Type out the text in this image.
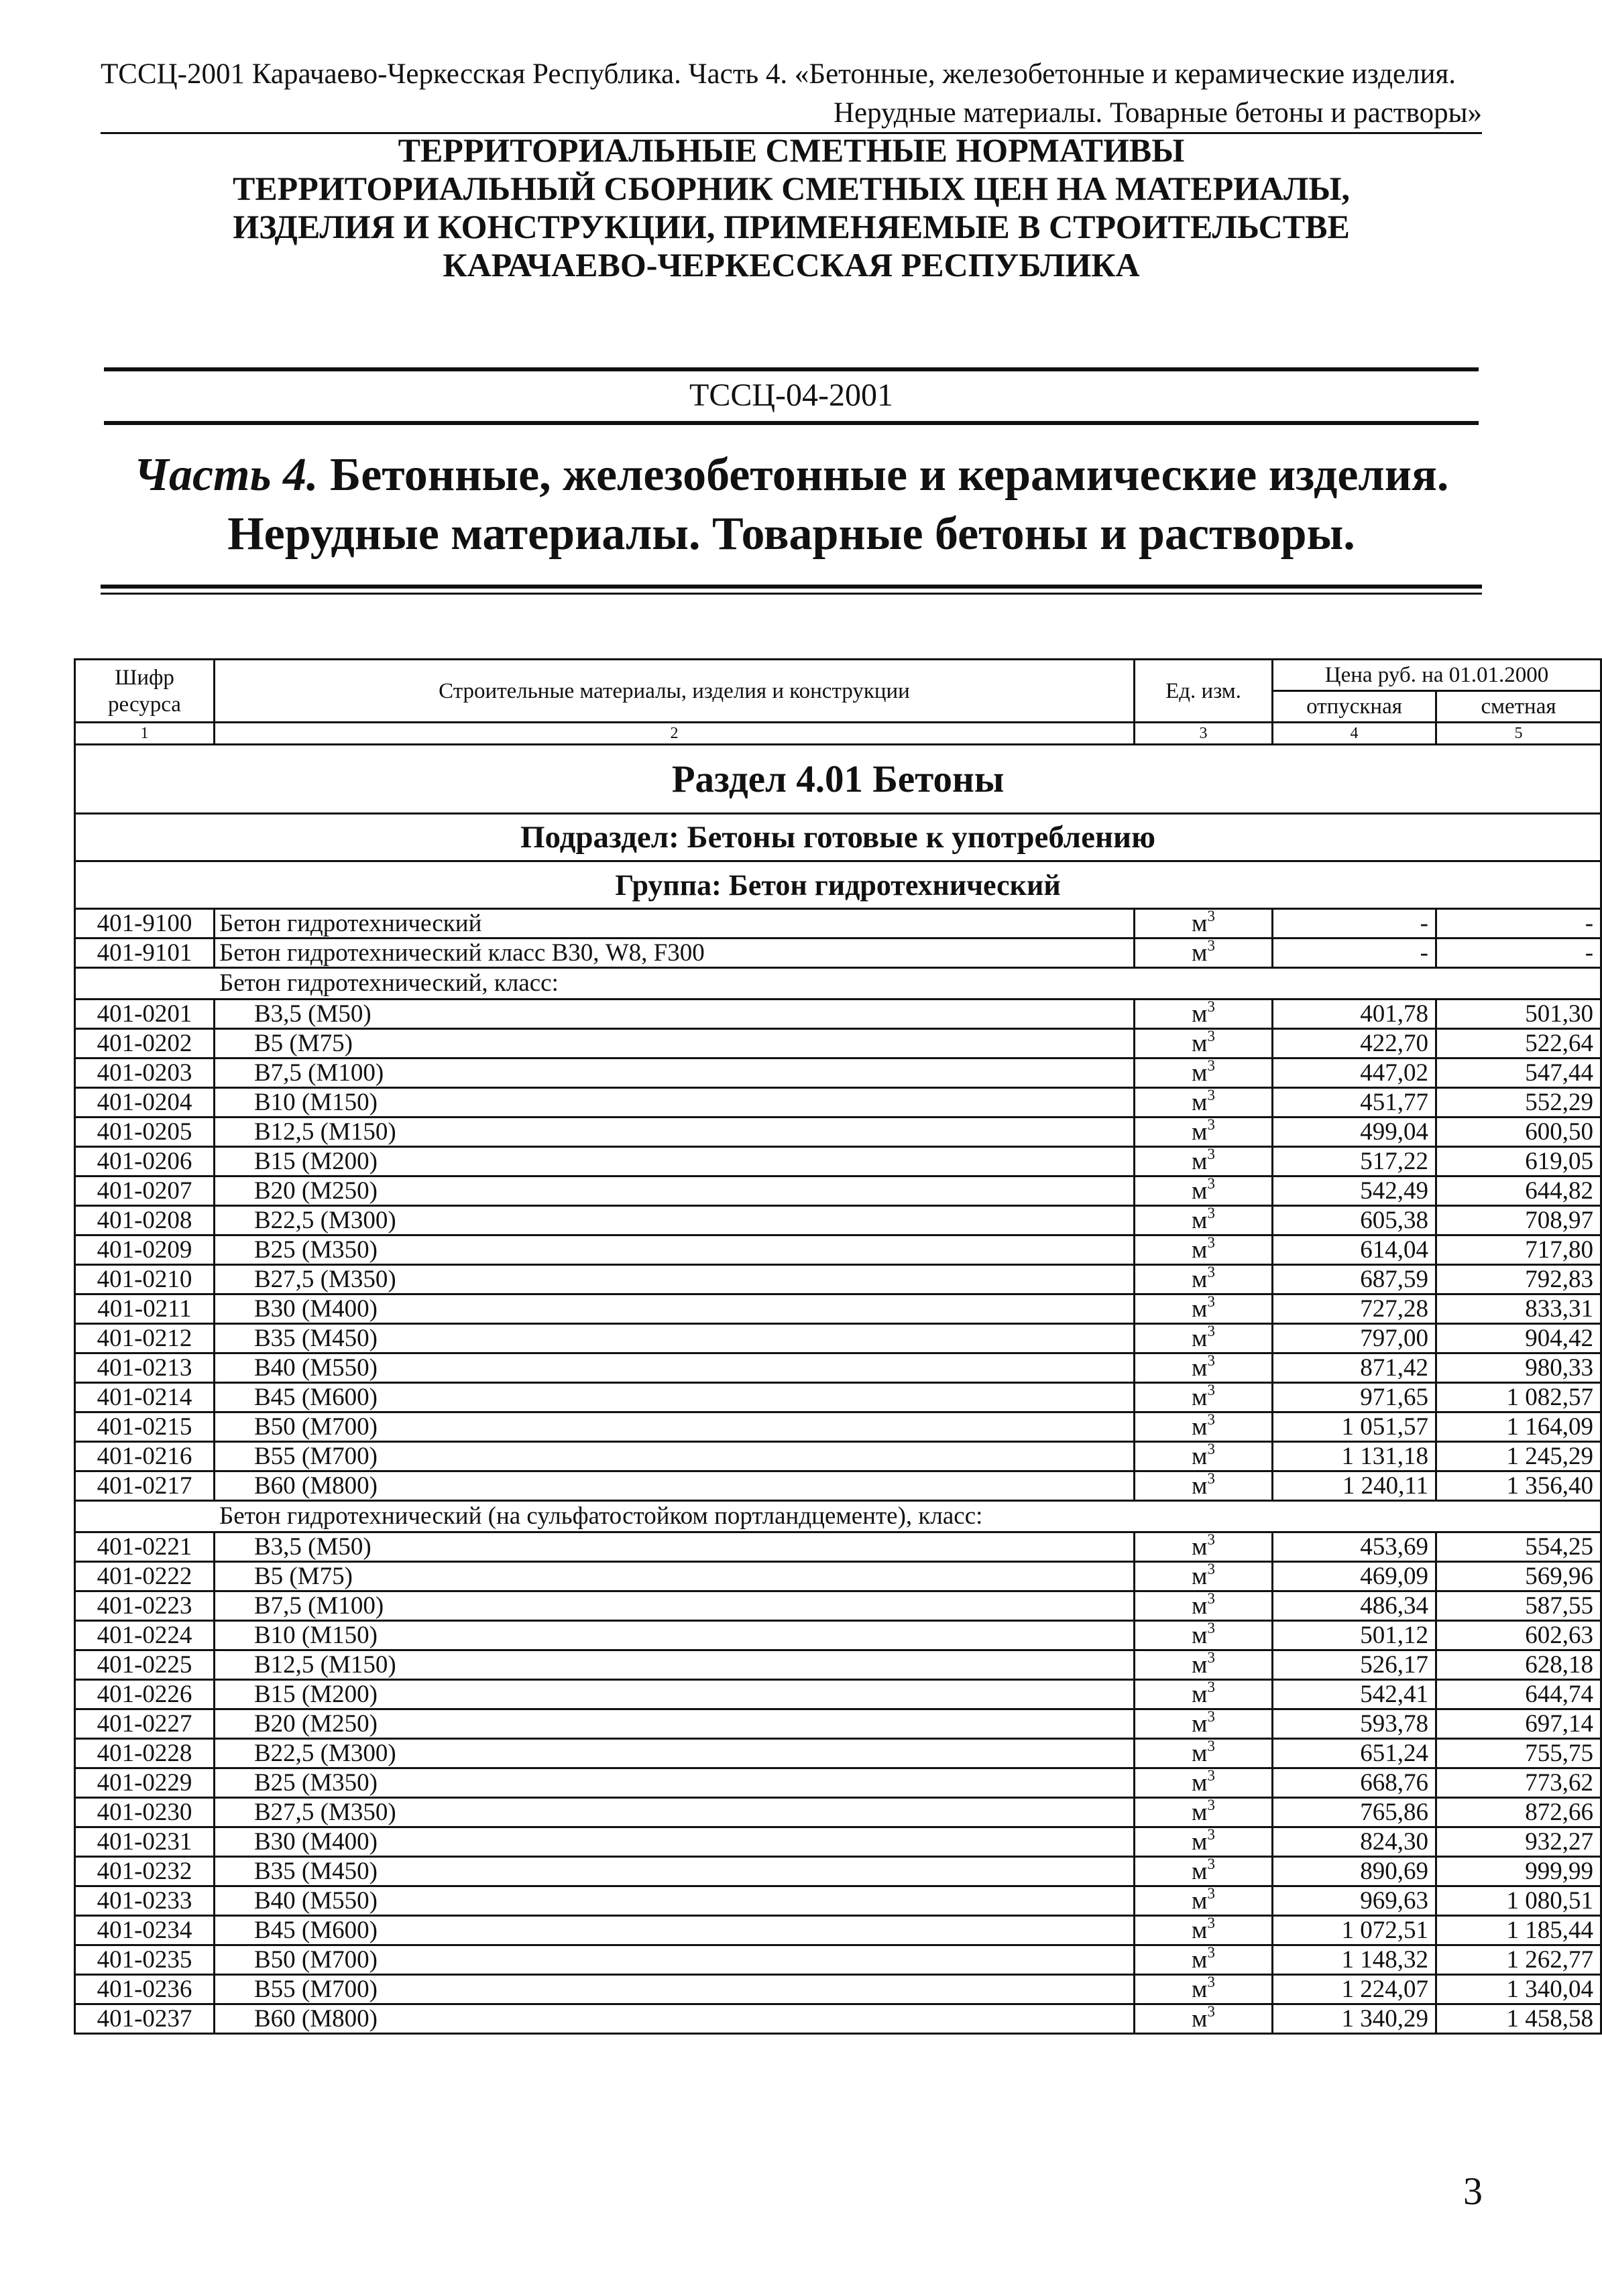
ТССЦ-2001 Карачаево-Черкесская Республика. Часть 4. «Бетонные, железобетонные и керамические изделия.
Нерудные материалы. Товарные бетоны и растворы»
ТЕРРИТОРИАЛЬНЫЕ СМЕТНЫЕ НОРМАТИВЫ
ТЕРРИТОРИАЛЬНЫЙ СБОРНИК СМЕТНЫХ ЦЕН НА МАТЕРИАЛЫ,
ИЗДЕЛИЯ И КОНСТРУКЦИИ, ПРИМЕНЯЕМЫЕ В СТРОИТЕЛЬСТВЕ
КАРАЧАЕВО-ЧЕРКЕССКАЯ РЕСПУБЛИКА
ТССЦ-04-2001
Часть 4. Бетонные, железобетонные и керамические изделия.
Нерудные материалы. Товарные бетоны и растворы.
Шифр ресурса	Строительные материалы, изделия и конструкции	Ед. изм.	Цена руб. на 01.01.2000	
			отпускная	сметная
1	2	3	4	5
Раздел 4.01 Бетоны				
Подраздел: Бетоны готовые к употреблению				
Группа: Бетон гидротехнический				
401-9100	Бетон гидротехнический	$м^3$	-	-
401-9101	Бетон гидротехнический класс В30, W8, F300	$м^3$	-	-
Бетон гидротехнический, класс:				
401-0201	В3,5 (М50)	$м^3$	401,78	501,30
401-0202	В5 (М75)	$м^3$	422,70	522,64
401-0203	В7,5 (М100)	$м^3$	447,02	547,44
401-0204	В10 (М150)	$м^3$	451,77	552,29
401-0205	В12,5 (М150)	$м^3$	499,04	600,50
401-0206	В15 (М200)	$м^3$	517,22	619,05
401-0207	В20 (М250)	$м^3$	542,49	644,82
401-0208	В22,5 (М300)	$м^3$	605,38	708,97
401-0209	В25 (М350)	$м^3$	614,04	717,80
401-0210	В27,5 (М350)	$м^3$	687,59	792,83
401-0211	В30 (М400)	$м^3$	727,28	833,31
401-0212	В35 (М450)	$м^3$	797,00	904,42
401-0213	В40 (М550)	$м^3$	871,42	980,33
401-0214	В45 (М600)	$м^3$	971,65	1 082,57
401-0215	В50 (М700)	$м^3$	1 051,57	1 164,09
401-0216	В55 (М700)	$м^3$	1 131,18	1 245,29
401-0217	В60 (М800)	$м^3$	1 240,11	1 356,40
Бетон гидротехнический (на сульфатостойком портландцементе), класс:				
401-0221	В3,5 (М50)	$м^3$	453,69	554,25
401-0222	В5 (М75)	$м^3$	469,09	569,96
401-0223	В7,5 (М100)	$м^3$	486,34	587,55
401-0224	В10 (М150)	$м^3$	501,12	602,63
401-0225	В12,5 (М150)	$м^3$	526,17	628,18
401-0226	В15 (М200)	$м^3$	542,41	644,74
401-0227	В20 (М250)	$м^3$	593,78	697,14
401-0228	В22,5 (М300)	$м^3$	651,24	755,75
401-0229	В25 (М350)	$м^3$	668,76	773,62
401-0230	В27,5 (М350)	$м^3$	765,86	872,66
401-0231	В30 (М400)	$м^3$	824,30	932,27
401-0232	В35 (М450)	$м^3$	890,69	999,99
401-0233	В40 (М550)	$м^3$	969,63	1 080,51
401-0234	В45 (М600)	$м^3$	1 072,51	1 185,44
401-0235	В50 (М700)	$м^3$	1 148,32	1 262,77
401-0236	В55 (М700)	$м^3$	1 224,07	1 340,04
401-0237	В60 (М800)	$м^3$	1 340,29	1 458,58
3
